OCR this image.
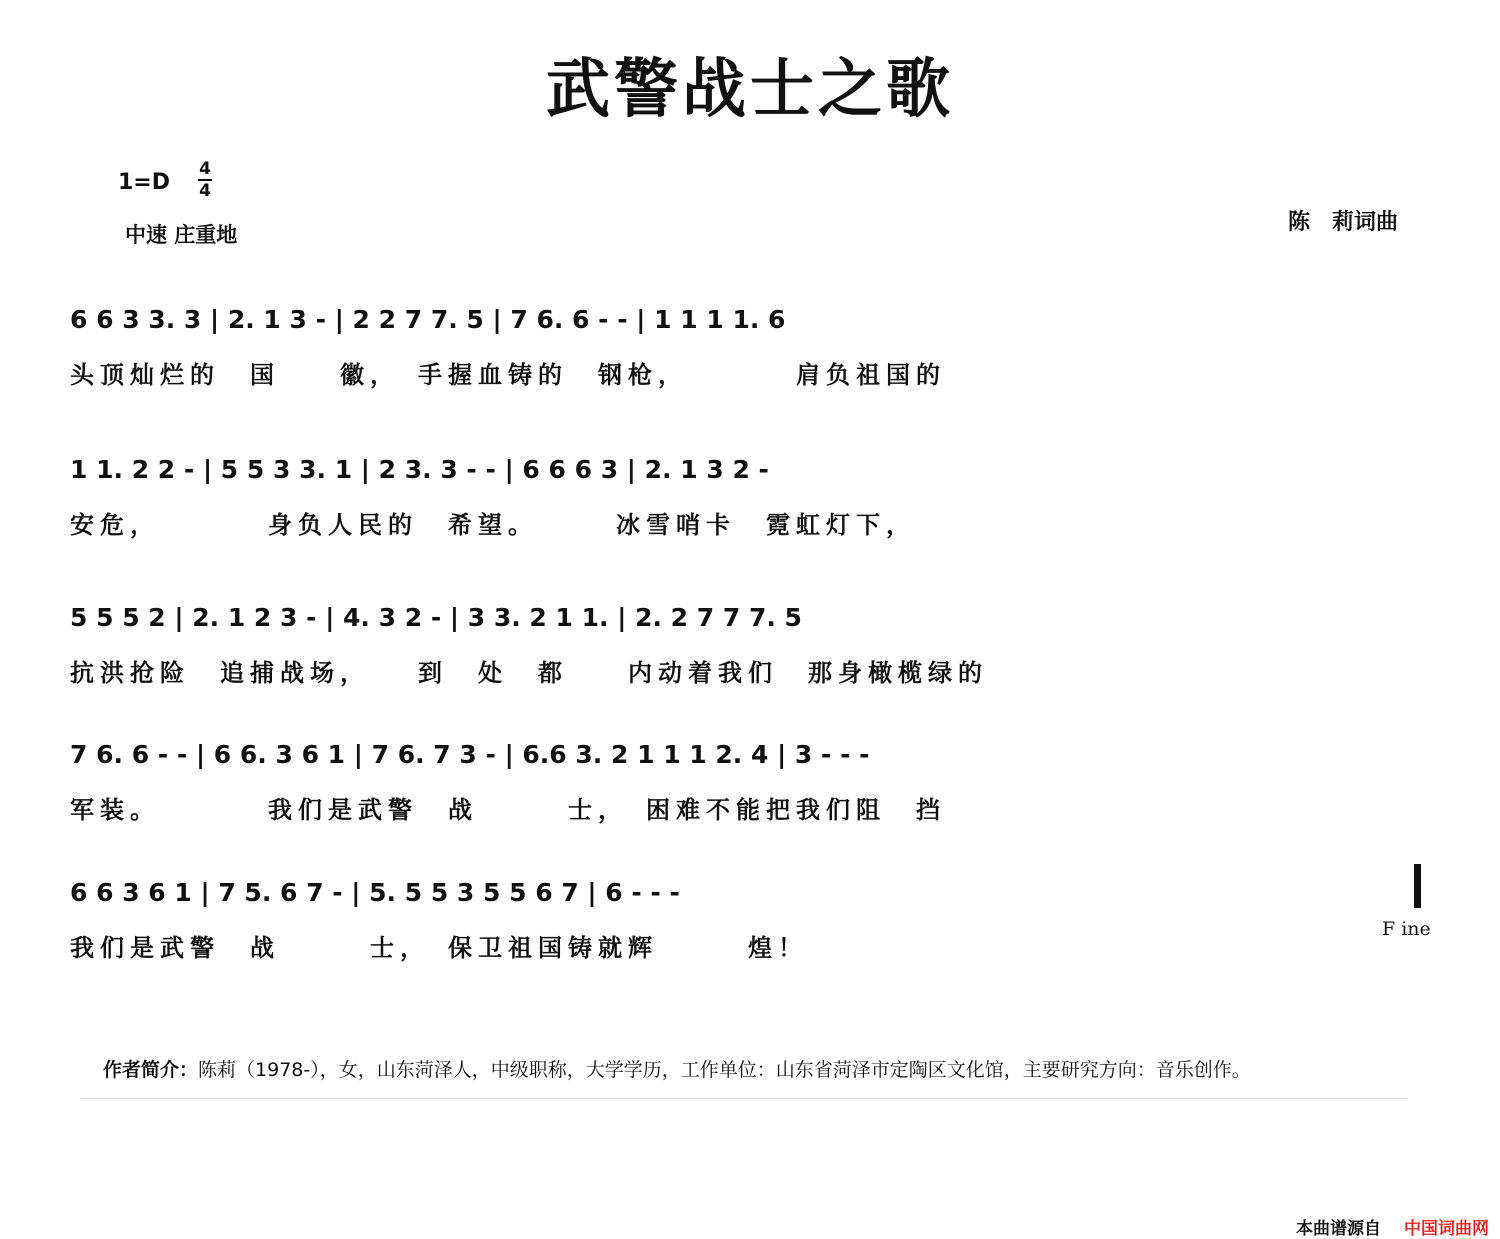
武警战士之歌
1=D
4
4
中速 庄重地	陈　莉词曲
6 6 3 3. 3 | 2. 1 3 - | 2 2 7 7. 5 | 7 6. 6 - - | 1 1 1 1. 6
头顶灿烂的　国　　徽，　手握血铸的　钢枪，　　　　肩负祖国的
1 1. 2 2 - | 5 5 3 3. 1 | 2 3. 3 - - | 6 6 6 3 | 2. 1 3 2 -
安危，　　　　身负人民的　希望。　　　冰雪哨卡　霓虹灯下，
5 5 5 2 | 2. 1 2 3 - | 4. 3 2 - | 3 3. 2 1 1. | 2. 2 7 7 7. 5
抗洪抢险　追捕战场，　　到　处　都　　内动着我们　那身橄榄绿的
7 6. 6 - - | 6 6. 3 6 1 | 7 6. 7 3 - | 6.6 3. 2 1 1 1 2. 4 | 3 - - -
军装。　　　　我们是武警　战　　　士，　困难不能把我们阻　挡
6 6 3 6 1 | 7 5. 6 7 - | 5. 5 5 3 5 5 6 7 | 6 - - -
我们是武警　战　　　士，　保卫祖国铸就辉　　　煌！
F ine
作者简介：陈莉（1978-），女，山东菏泽人，中级职称，大学学历，工作单位：山东省菏泽市定陶区文化馆，主要研究方向：音乐创作。
本曲谱源自 中国词曲网
